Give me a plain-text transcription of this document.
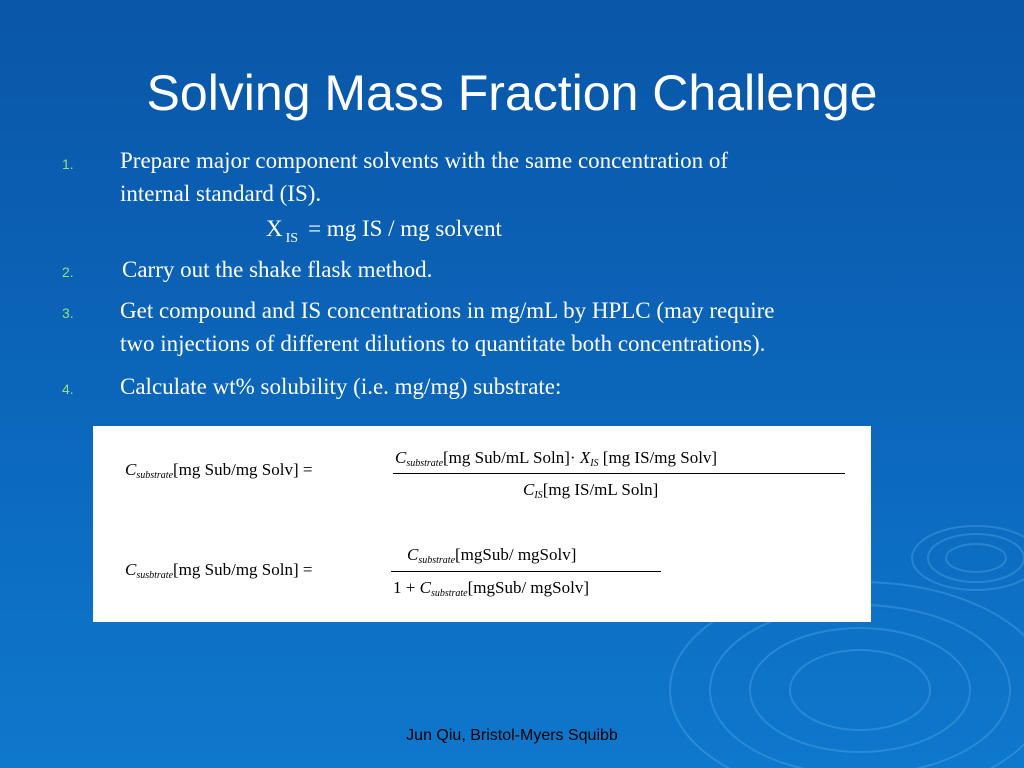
Solving Mass Fraction Challenge
1. Prepare major component solvents with the same concentration of
internal standard (IS).
X $_{IS}$ = mg IS / mg solvent
2. Carry out the shake flask method.
3. Get compound and IS concentrations in mg/mL by HPLC (may require
two injections of different dilutions to quantitate both concentrations).
4. Calculate wt% solubility (i.e. mg/mg) substrate:
$C_{substrate}[mg$ Sub/mg Solv] =
$C_{substrate}[mg$ Sub/mL $Soln]\cdot X_{IS}$ [mg IS/mg Solv]
$C_{IS}[mg$ IS/mL Soln]
$C_{susbtrate}[mg$ Sub/mg Soln] =
$C_{substrate}[mgSub/$ mgSolv]
$1 + C_{substrate}[mgSub/$ mgSolv]
Jun Qiu, Bristol-Myers Squibb
